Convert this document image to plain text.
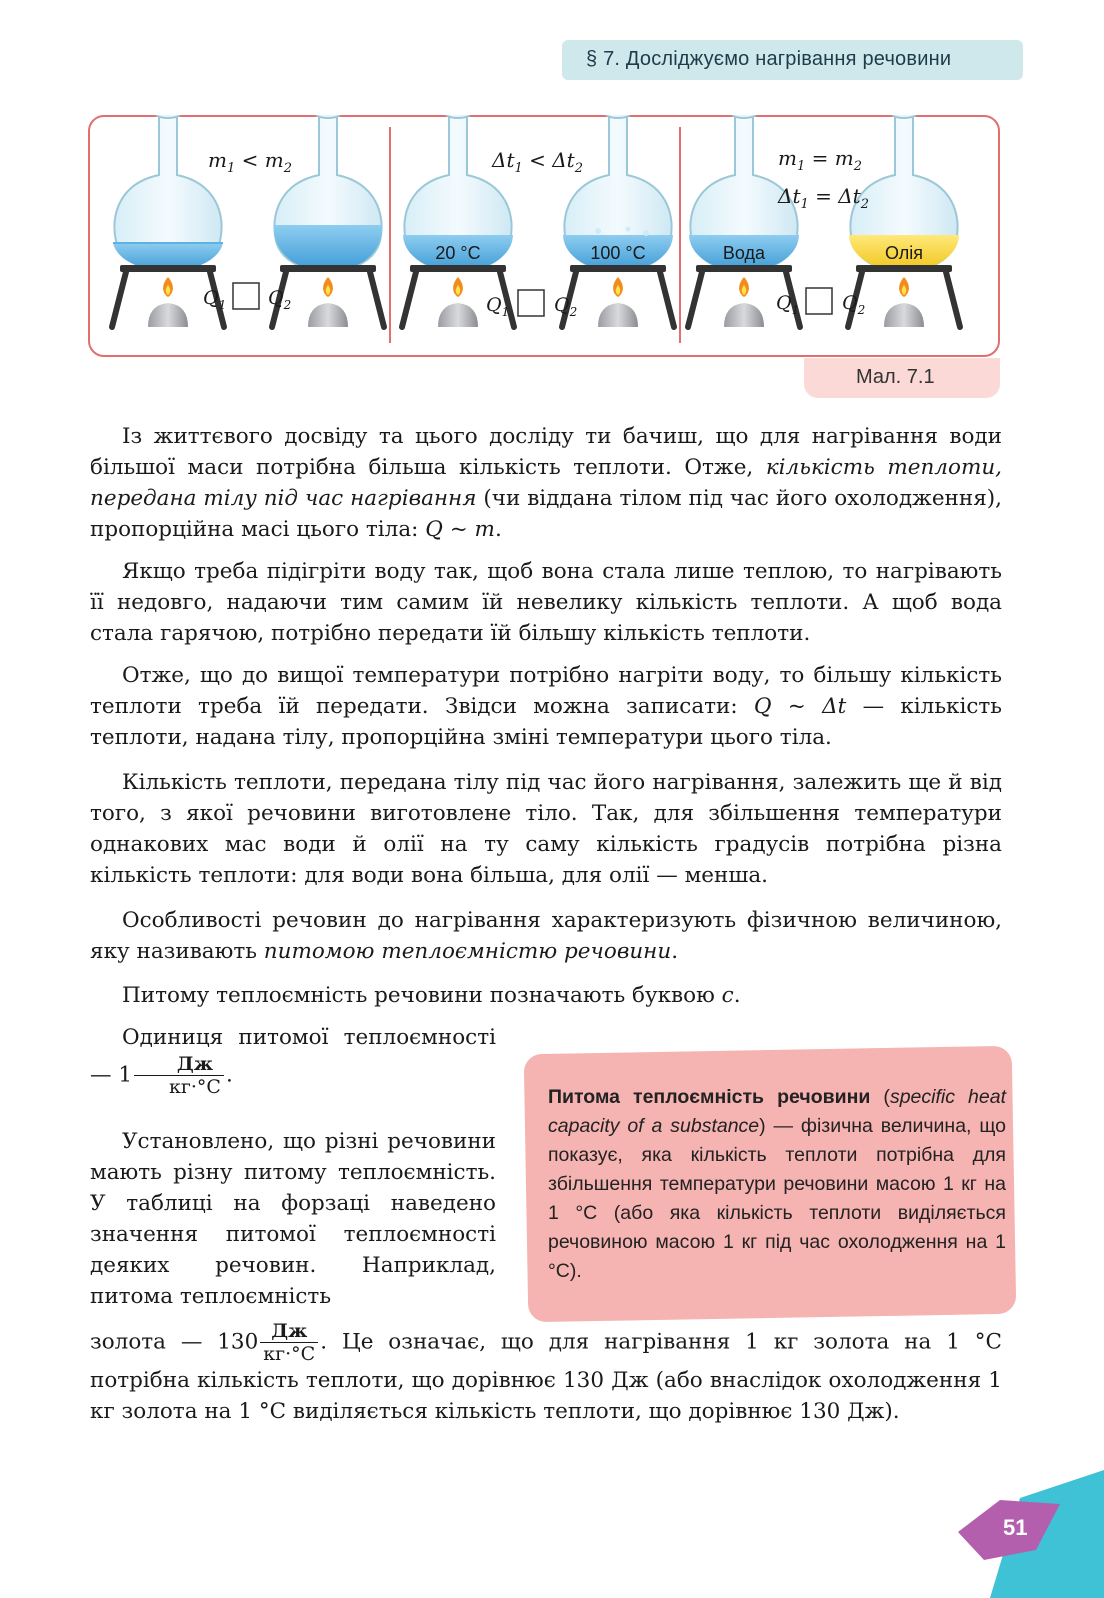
§ 7. Досліджуємо нагрівання речовини
$m_1 < m_2$
$Q_1$ $Q_2$
20 °C	100 °C
$\Delta t_1 < \Delta t_2$
$Q_1$ $Q_2$
Вода	Олія
$m_1 = m_2$
$\Delta t_1 = \Delta t_2$
$Q_1$ $Q_2$
Мал. 7.1

Із життєвого досвіду та цього досліду ти бачиш, що для нагрівання води більшої маси потрібна більша кількість теплоти. Отже, кількість теплоти, передана тілу під час нагрівання (чи віддана тілом під час його охолодження), пропорційна масі цього тіла: Q ~ m.

Якщо треба підігріти воду так, щоб вона стала лише теплою, то нагрівають її недовго, надаючи тим самим їй невелику кількість теплоти. А щоб вода стала гарячою, потрібно передати їй більшу кількість теплоти.

Отже, що до вищої температури потрібно нагріти воду, то більшу кількість теплоти треба їй передати. Звідси можна записати: Q ~ Δt — кількість теплоти, надана тілу, пропорційна зміні температури цього тіла.

Кількість теплоти, передана тілу під час його нагрівання, залежить ще й від того, з якої речовини виготовлене тіло. Так, для збільшення температури однакових мас води й олії на ту саму кількість градусів потрібна різна кількість теплоти: для води вона більша, для олії — менша.

Особливості речовин до нагрівання характеризують фізичною величиною, яку називають питомою теплоємністю речовини.

Питому теплоємність речовини позначають буквою c.

Одиниця питомої теплоємності — $1 \frac{Дж}{кг\cdot^\circ С}$ .

Установлено, що різні речовини мають різну питому теплоємність. У таблиці на форзаці наведено значення питомої теплоємності деяких речовин. Наприклад, питома теплоємність

Питома теплоємність речовини (specific heat capacity of a substance) — фізична величина, що показує, яка кількість теплоти потрібна для збільшення температури речовини масою 1 кг на 1 °С (або яка кількість теплоти виділяється речовиною масою 1 кг під час охолодження на 1 °С).

золота — $130 \frac{Дж}{кг\cdot^\circ С}$ . Це означає, що для нагрівання 1 кг золота на 1 °С потрібна кількість теплоти, що дорівнює 130 Дж (або внаслідок охолодження 1 кг золота на 1 °С виділяється кількість теплоти, що дорівнює 130 Дж).

51
